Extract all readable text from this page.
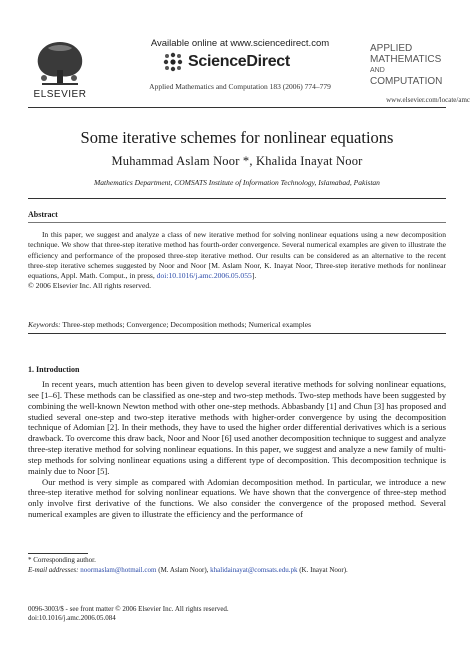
ELSEVIER
Available online at www.sciencedirect.com
ScienceDirect
Applied Mathematics and Computation 183 (2006) 774–779
APPLIED
MATHEMATICS
AND
COMPUTATION
www.elsevier.com/locate/amc
Some iterative schemes for nonlinear equations
Muhammad Aslam Noor *, Khalida Inayat Noor
Mathematics Department, COMSATS Institute of Information Technology, Islamabad, Pakistan
Abstract
In this paper, we suggest and analyze a class of new iterative method for solving nonlinear equations using a new decomposition technique. We show that three-step iterative method has fourth-order convergence. Several numerical examples are given to illustrate the efficiency and performance of the proposed three-step iterative method. Our results can be considered as an alternative to the recent three-step iterative schemes suggested by Noor and Noor [M. Aslam Noor, K. Inayat Noor, Three-step iterative methods for nonlinear equations, Appl. Math. Comput., in press, doi:10.1016/j.amc.2006.05.055].
© 2006 Elsevier Inc. All rights reserved.
Keywords: Three-step methods; Convergence; Decomposition methods; Numerical examples
1. Introduction

In recent years, much attention has been given to develop several iterative methods for solving nonlinear equations, see [1–6]. These methods can be classified as one-step and two-step methods. Two-step methods have been suggested by combining the well-known Newton method with other one-step methods. Abbasbandy [1] and Chun [3] has proposed and studied several one-step and two-step iterative methods with higher-order convergence by using the decomposition technique of Adomian [2]. In their methods, they have to used the higher order differential derivatives which is a serious drawback. To overcome this draw back, Noor and Noor [6] used another decomposition technique to suggest and analyze three-step iterative method for solving nonlinear equations. In this paper, we suggest and analyze a new family of multi-step methods for solving nonlinear equations using a different type of decomposition. This decomposition technique is mainly due to Noor [5].

Our method is very simple as compared with Adomian decomposition method. In particular, we introduce a new three-step iterative method for solving nonlinear equations. We have shown that the convergence of three-step method only involve first derivative of the functions. We also consider the convergence of the proposed method. Several numerical examples are given to illustrate the efficiency and the performance of

* Corresponding author.
E-mail addresses: noormaslam@hotmail.com (M. Aslam Noor), khalidainayat@comsats.edu.pk (K. Inayat Noor).
0096-3003/$ - see front matter © 2006 Elsevier Inc. All rights reserved.
doi:10.1016/j.amc.2006.05.084
